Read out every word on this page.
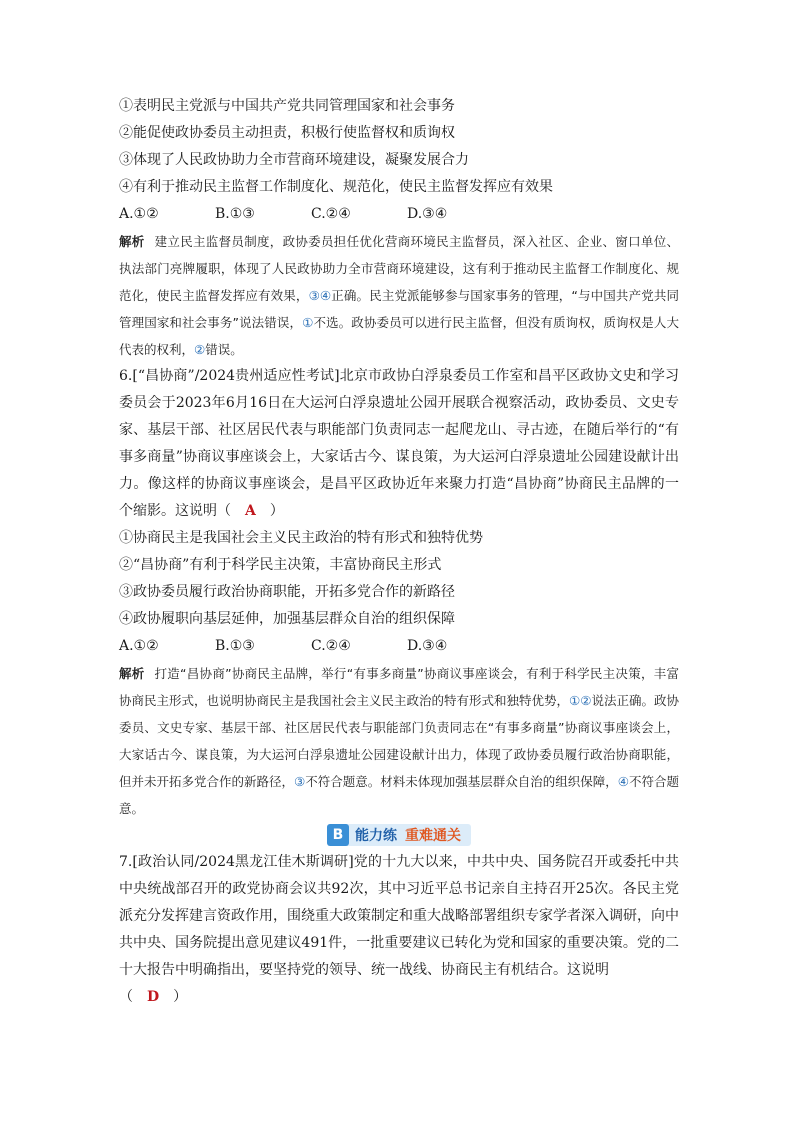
①表明民主党派与中国共产党共同管理国家和社会事务
②能促使政协委员主动担责，积极行使监督权和质询权
③体现了人民政协助力全市营商环境建设，凝聚发展合力
④有利于推动民主监督工作制度化、规范化，使民主监督发挥应有效果
A.①②	B.①③	C.②④	D.③④
解析 建立民主监督员制度，政协委员担任优化营商环境民主监督员，深入社区、企业、窗口单位、执法部门亮牌履职，体现了人民政协助力全市营商环境建设，这有利于推动民主监督工作制度化、规范化，使民主监督发挥应有效果，③④正确。民主党派能够参与国家事务的管理，“与中国共产党共同管理国家和社会事务”说法错误，①不选。政协委员可以进行民主监督，但没有质询权，质询权是人大代表的权利，②错误。
6.[“昌协商”/2024贵州适应性考试]北京市政协白浮泉委员工作室和昌平区政协文史和学习委员会于2023年6月16日在大运河白浮泉遗址公园开展联合视察活动，政协委员、文史专家、基层干部、社区居民代表与职能部门负责同志一起爬龙山、寻古迹，在随后举行的“有事多商量”协商议事座谈会上，大家话古今、谋良策，为大运河白浮泉遗址公园建设献计出力。像这样的协商议事座谈会，是昌平区政协近年来聚力打造“昌协商”协商民主品牌的一个缩影。这说明（ A ）
①协商民主是我国社会主义民主政治的特有形式和独特优势
②“昌协商”有利于科学民主决策，丰富协商民主形式
③政协委员履行政治协商职能，开拓多党合作的新路径
④政协履职向基层延伸，加强基层群众自治的组织保障
A.①②	B.①③	C.②④	D.③④
解析 打造“昌协商”协商民主品牌，举行“有事多商量”协商议事座谈会，有利于科学民主决策，丰富协商民主形式，也说明协商民主是我国社会主义民主政治的特有形式和独特优势，①②说法正确。政协委员、文史专家、基层干部、社区居民代表与职能部门负责同志在“有事多商量”协商议事座谈会上，大家话古今、谋良策，为大运河白浮泉遗址公园建设献计出力，体现了政协委员履行政治协商职能，但并未开拓多党合作的新路径，③不符合题意。材料未体现加强基层群众自治的组织保障，④不符合题意。
B 能力练 重难通关
7.[政治认同/2024黑龙江佳木斯调研]党的十九大以来，中共中央、国务院召开或委托中共中央统战部召开的政党协商会议共92次，其中习近平总书记亲自主持召开25次。各民主党派充分发挥建言资政作用，围绕重大政策制定和重大战略部署组织专家学者深入调研，向中共中央、国务院提出意见建议491件，一批重要建议已转化为党和国家的重要决策。党的二十大报告中明确指出，要坚持党的领导、统一战线、协商民主有机结合。这说明
（ D ）
